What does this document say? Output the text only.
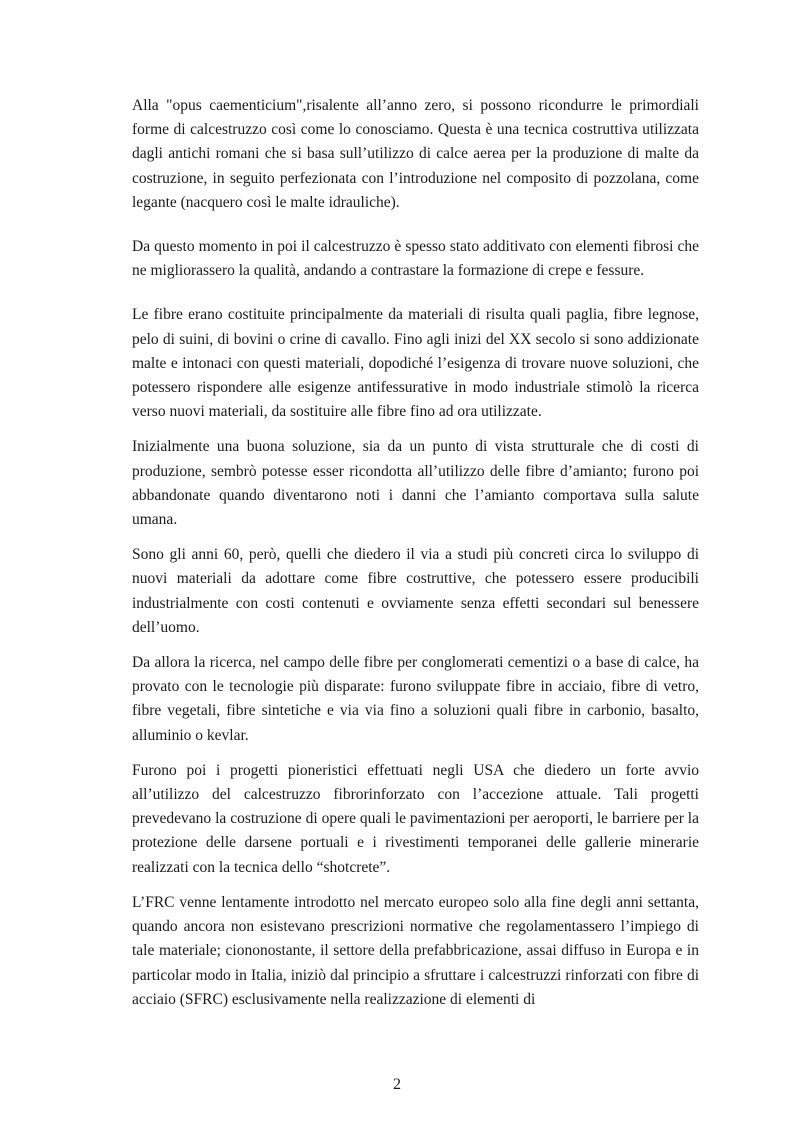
Alla "opus caementicium",risalente all’anno zero, si possono ricondurre le primordiali forme di calcestruzzo così come lo conosciamo. Questa è una tecnica costruttiva utilizzata dagli antichi romani che si basa sull’utilizzo di calce aerea per la produzione di malte da costruzione, in seguito perfezionata con l’introduzione nel composito di pozzolana, come legante (nacquero così le malte idrauliche).

Da questo momento in poi il calcestruzzo è spesso stato additivato con elementi fibrosi che ne migliorassero la qualità, andando a contrastare la formazione di crepe e fessure.

Le fibre erano costituite principalmente da materiali di risulta quali paglia, fibre legnose, pelo di suini, di bovini o crine di cavallo. Fino agli inizi del XX secolo si sono addizionate malte e intonaci con questi materiali, dopodiché l’esigenza di trovare nuove soluzioni, che potessero rispondere alle esigenze antifessurative in modo industriale stimolò la ricerca verso nuovi materiali, da sostituire alle fibre fino ad ora utilizzate.

Inizialmente una buona soluzione, sia da un punto di vista strutturale che di costi di produzione, sembrò potesse esser ricondotta all’utilizzo delle fibre d’amianto; furono poi abbandonate quando diventarono noti i danni che l’amianto comportava sulla salute umana.

Sono gli anni 60, però, quelli che diedero il via a studi più concreti circa lo sviluppo di nuovi materiali da adottare come fibre costruttive, che potessero essere producibili industrialmente con costi contenuti e ovviamente senza effetti secondari sul benessere dell’uomo.

Da allora la ricerca, nel campo delle fibre per conglomerati cementizi o a base di calce, ha provato con le tecnologie più disparate: furono sviluppate fibre in acciaio, fibre di vetro, fibre vegetali, fibre sintetiche e via via fino a soluzioni quali fibre in carbonio, basalto, alluminio o kevlar.

Furono poi i progetti pioneristici effettuati negli USA che diedero un forte avvio all’utilizzo del calcestruzzo fibrorinforzato con l’accezione attuale. Tali progetti prevedevano la costruzione di opere quali le pavimentazioni per aeroporti, le barriere per la protezione delle darsene portuali e i rivestimenti temporanei delle gallerie minerarie realizzati con la tecnica dello “shotcrete”.

L’FRC venne lentamente introdotto nel mercato europeo solo alla fine degli anni settanta, quando ancora non esistevano prescrizioni normative che regolamentassero l’impiego di tale materiale; ciononostante, il settore della prefabbricazione, assai diffuso in Europa e in particolar modo in Italia, iniziò dal principio a sfruttare i calcestruzzi rinforzati con fibre di acciaio (SFRC) esclusivamente nella realizzazione di elementi di

2
